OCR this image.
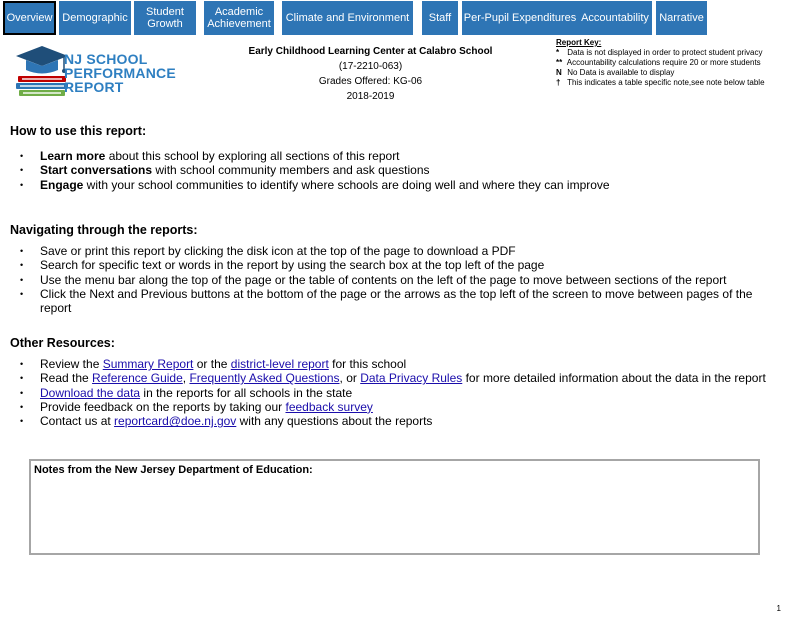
Overview Demographic	Student
Growth
Academic
Achievement	Climate and Environment	Staff	Per-Pupil Expenditures Accountability Narrative
NJ SCHOOL
PERFORMANCE
REPORT
Early Childhood Learning Center at Calabro School
(17-2210-063)
Grades Offered: KG-06
2018-2019
Report Key:
* Data is not displayed in order to protect student privacy
** Accountability calculations require 20 or more students
N No Data is available to display
† This indicates a table specific note,see note below table
How to use this report:
• Learn more about this school by exploring all sections of this report
• Start conversations with school community members and ask questions
• Engage with your school communities to identify where schools are doing well and where they can improve
Navigating through the reports:
• Save or print this report by clicking the disk icon at the top of the page to download a PDF
• Search for specific text or words in the report by using the search box at the top left of the page
• Use the menu bar along the top of the page or the table of contents on the left of the page to move between sections of the report
• Click the Next and Previous buttons at the bottom of the page or the arrows as the top left of the screen to move between pages of the report
Other Resources:
• Review the Summary Report or the district-level report for this school
• Read the Reference Guide, Frequently Asked Questions, or Data Privacy Rules for more detailed information about the data in the report
• Download the data in the reports for all schools in the state
• Provide feedback on the reports by taking our feedback survey
• Contact us at reportcard@doe.nj.gov with any questions about the reports
Notes from the New Jersey Department of Education:
1
